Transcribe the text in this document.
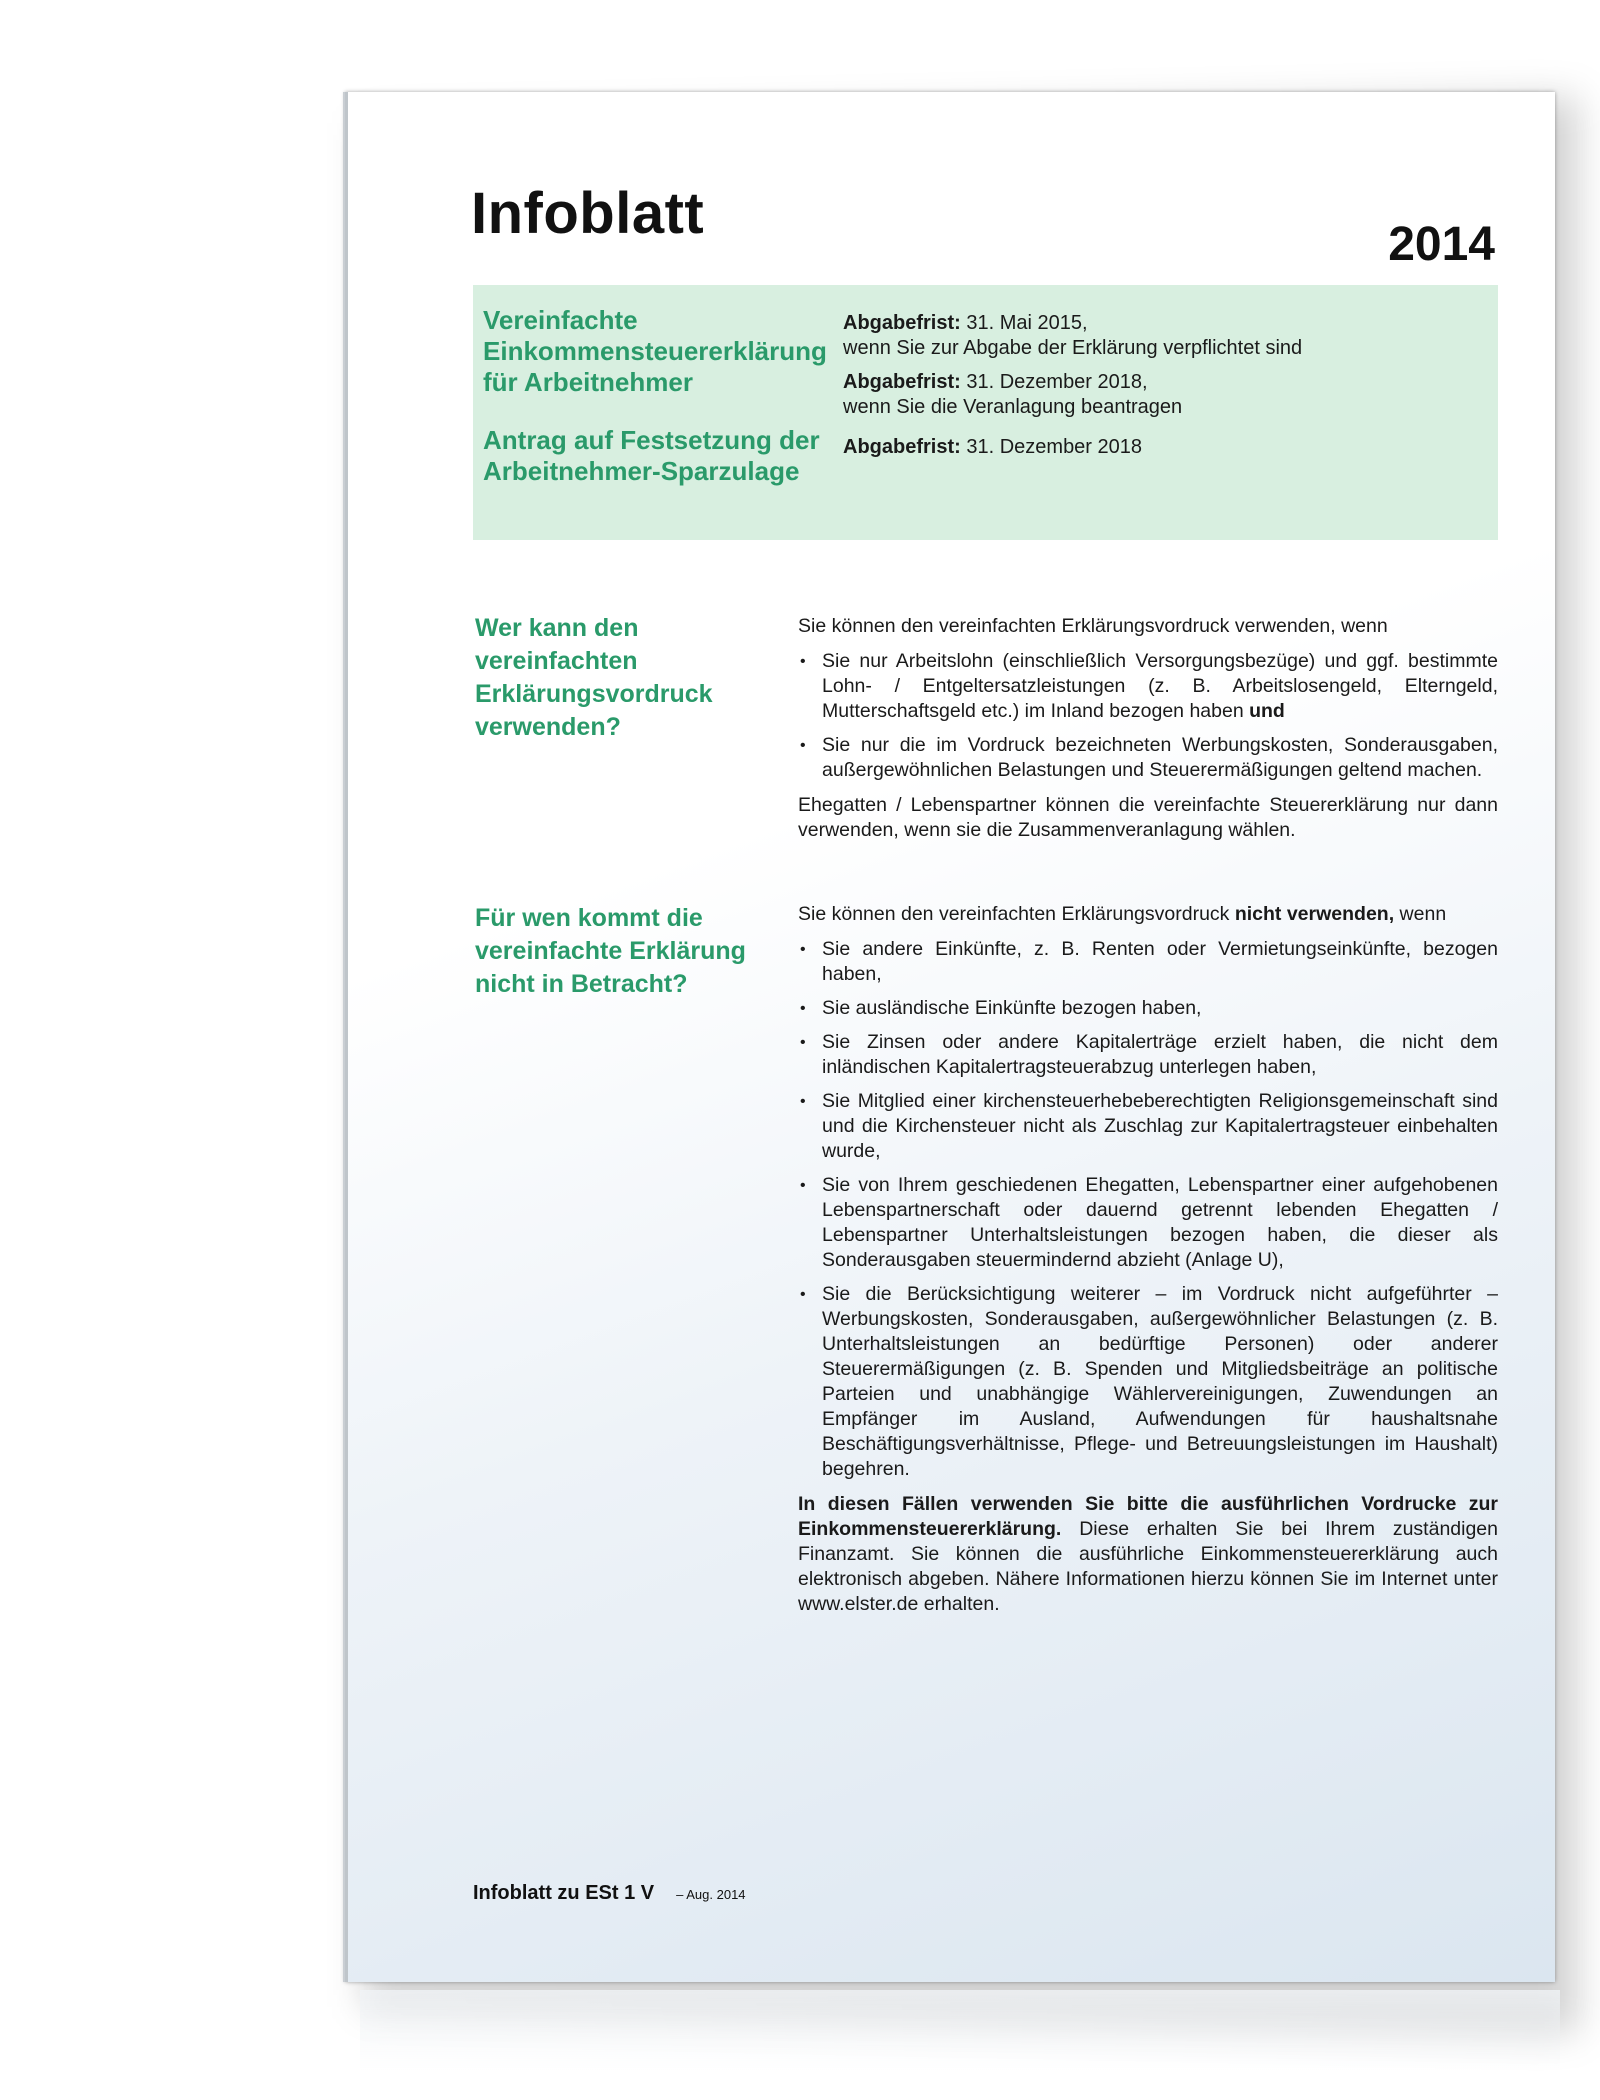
Infoblatt	2014
Vereinfachte Einkommensteuererklärung für Arbeitnehmer
Abgabefrist: 31. Mai 2015,
wenn Sie zur Abgabe der Erklärung verpflichtet sind
Abgabefrist: 31. Dezember 2018,
wenn Sie die Veranlagung beantragen
Antrag auf Festsetzung der Arbeitnehmer-Sparzulage
Abgabefrist: 31. Dezember 2018
Wer kann den vereinfachten Erklärungsvordruck verwenden?

Sie können den vereinfachten Erklärungsvordruck verwenden, wenn

• Sie nur Arbeitslohn (einschließlich Versorgungsbezüge) und ggf. bestimmte Lohn- / Entgeltersatzleistungen (z. B. Arbeitslosengeld, Elterngeld, Mutterschaftsgeld etc.) im Inland bezogen haben und
• Sie nur die im Vordruck bezeichneten Werbungskosten, Sonderausgaben, außergewöhnlichen Belastungen und Steuerermäßigungen geltend machen.

Ehegatten / Lebenspartner können die vereinfachte Steuererklärung nur dann verwenden, wenn sie die Zusammenveranlagung wählen.

Für wen kommt die vereinfachte Erklärung nicht in Betracht?

Sie können den vereinfachten Erklärungsvordruck nicht verwenden, wenn

• Sie andere Einkünfte, z. B. Renten oder Vermietungseinkünfte, bezogen haben,
• Sie ausländische Einkünfte bezogen haben,
• Sie Zinsen oder andere Kapitalerträge erzielt haben, die nicht dem inländischen Kapitalertragsteuerabzug unterlegen haben,
• Sie Mitglied einer kirchensteuerhebeberechtigten Religionsgemeinschaft sind und die Kirchensteuer nicht als Zuschlag zur Kapitalertragsteuer einbehalten wurde,
• Sie von Ihrem geschiedenen Ehegatten, Lebenspartner einer aufgehobenen Lebenspartnerschaft oder dauernd getrennt lebenden Ehegatten / Lebenspartner Unterhaltsleistungen bezogen haben, die dieser als Sonderausgaben steuermindernd abzieht (Anlage U),
• Sie die Berücksichtigung weiterer – im Vordruck nicht aufgeführter – Werbungskosten, Sonderausgaben, außergewöhnlicher Belastungen (z. B. Unterhaltsleistungen an bedürftige Personen) oder anderer Steuerermäßigungen (z. B. Spenden und Mitgliedsbeiträge an politische Parteien und unabhängige Wählervereinigungen, Zuwendungen an Empfänger im Ausland, Aufwendungen für haushaltsnahe Beschäftigungsverhältnisse, Pflege- und Betreuungsleistungen im Haushalt) begehren.

In diesen Fällen verwenden Sie bitte die ausführlichen Vordrucke zur Einkommensteuererklärung. Diese erhalten Sie bei Ihrem zuständigen Finanzamt. Sie können die ausführliche Einkommensteuererklärung auch elektronisch abgeben. Nähere Informationen hierzu können Sie im Internet unter www.elster.de erhalten.

Infoblatt zu ESt 1 V – Aug. 2014
